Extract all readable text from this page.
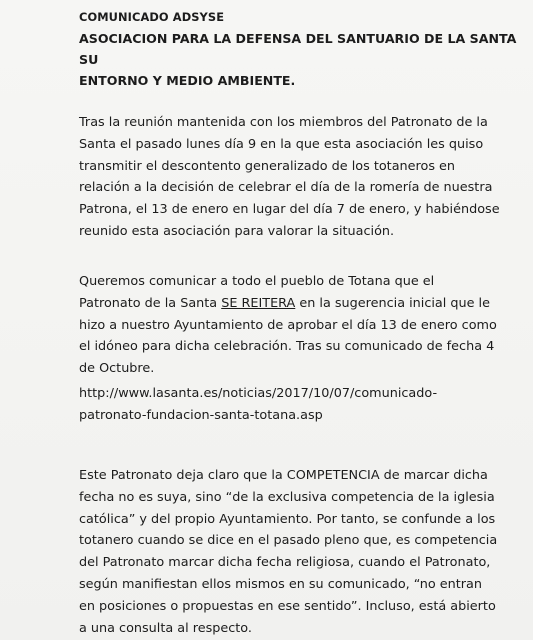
COMUNICADO ADSYSE
ASOCIACION PARA LA DEFENSA DEL SANTUARIO DE LA SANTA SU
ENTORNO Y MEDIO AMBIENTE.
Tras la reunión mantenida con los miembros del Patronato de la
Santa el pasado lunes día 9 en la que esta asociación les quiso
transmitir el descontento generalizado de los totaneros en
relación a la decisión de celebrar el día de la romería de nuestra
Patrona, el 13 de enero en lugar del día 7 de enero, y habiéndose
reunido esta asociación para valorar la situación.
Queremos comunicar a todo el pueblo de Totana que el
Patronato de la Santa SE REITERA en la sugerencia inicial que le
hizo a nuestro Ayuntamiento de aprobar el día 13 de enero como
el idóneo para dicha celebración. Tras su comunicado de fecha 4
de Octubre.
http://www.lasanta.es/noticias/2017/10/07/comunicado-
patronato-fundacion-santa-totana.asp
Este Patronato deja claro que la COMPETENCIA de marcar dicha
fecha no es suya, sino “de la exclusiva competencia de la iglesia
católica” y del propio Ayuntamiento. Por tanto, se confunde a los
totanero cuando se dice en el pasado pleno que, es competencia
del Patronato marcar dicha fecha religiosa, cuando el Patronato,
según manifiestan ellos mismos en su comunicado, “no entran
en posiciones o propuestas en ese sentido”. Incluso, está abierto
a una consulta al respecto.
